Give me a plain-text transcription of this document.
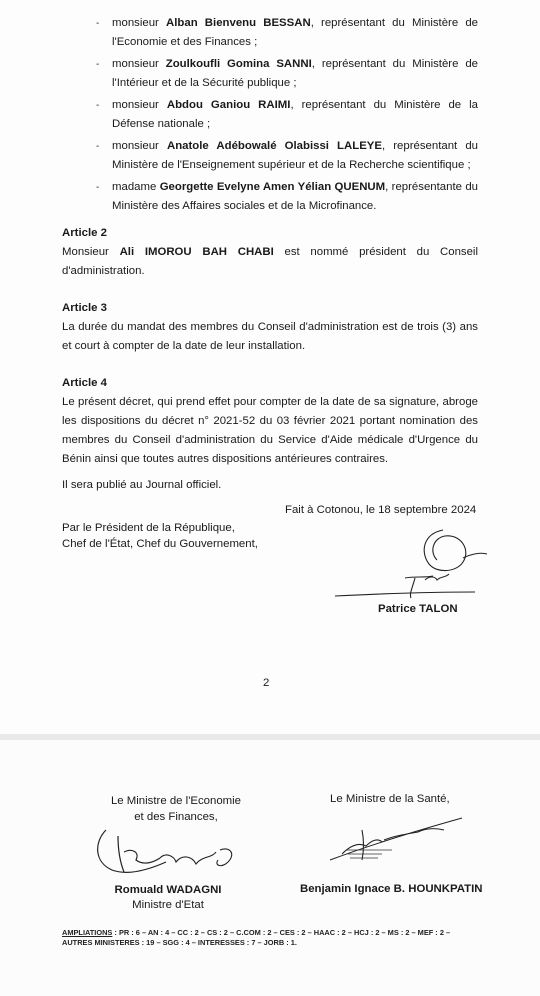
- monsieur Alban Bienvenu BESSAN, représentant du Ministère de l'Economie et des Finances ;
- monsieur Zoulkoufli Gomina SANNI, représentant du Ministère de l'Intérieur et de la Sécurité publique ;
- monsieur Abdou Ganiou RAIMI, représentant du Ministère de la Défense nationale ;
- monsieur Anatole Adébowalé Olabissi LALEYE, représentant du Ministère de l'Enseignement supérieur et de la Recherche scientifique ;
- madame Georgette Evelyne Amen Yélian QUENUM, représentante du Ministère des Affaires sociales et de la Microfinance.
Article 2
Monsieur Ali IMOROU BAH CHABI est nommé président du Conseil d'administration.
Article 3
La durée du mandat des membres du Conseil d'administration est de trois (3) ans et court à compter de la date de leur installation.
Article 4
Le présent décret, qui prend effet pour compter de la date de sa signature, abroge les dispositions du décret n° 2021-52 du 03 février 2021 portant nomination des membres du Conseil d'administration du Service d'Aide médicale d'Urgence du Bénin ainsi que toutes autres dispositions antérieures contraires.
Il sera publié au Journal officiel.
Fait à Cotonou, le 18 septembre 2024
Par le Président de la République,
Chef de l'État, Chef du Gouvernement,
Patrice TALON
2
Le Ministre de l'Economie
et des Finances,
Le Ministre de la Santé,
Romuald WADAGNI
Ministre d'Etat
Benjamin Ignace B. HOUNKPATIN
AMPLIATIONS : PR : 6 – AN : 4 – CC : 2 – CS : 2 – C.COM : 2 – CES : 2 – HAAC : 2 – HCJ : 2 – MS : 2 – MEF : 2 – AUTRES MINISTERES : 19 – SGG : 4 – INTERESSES : 7 – JORB : 1.
